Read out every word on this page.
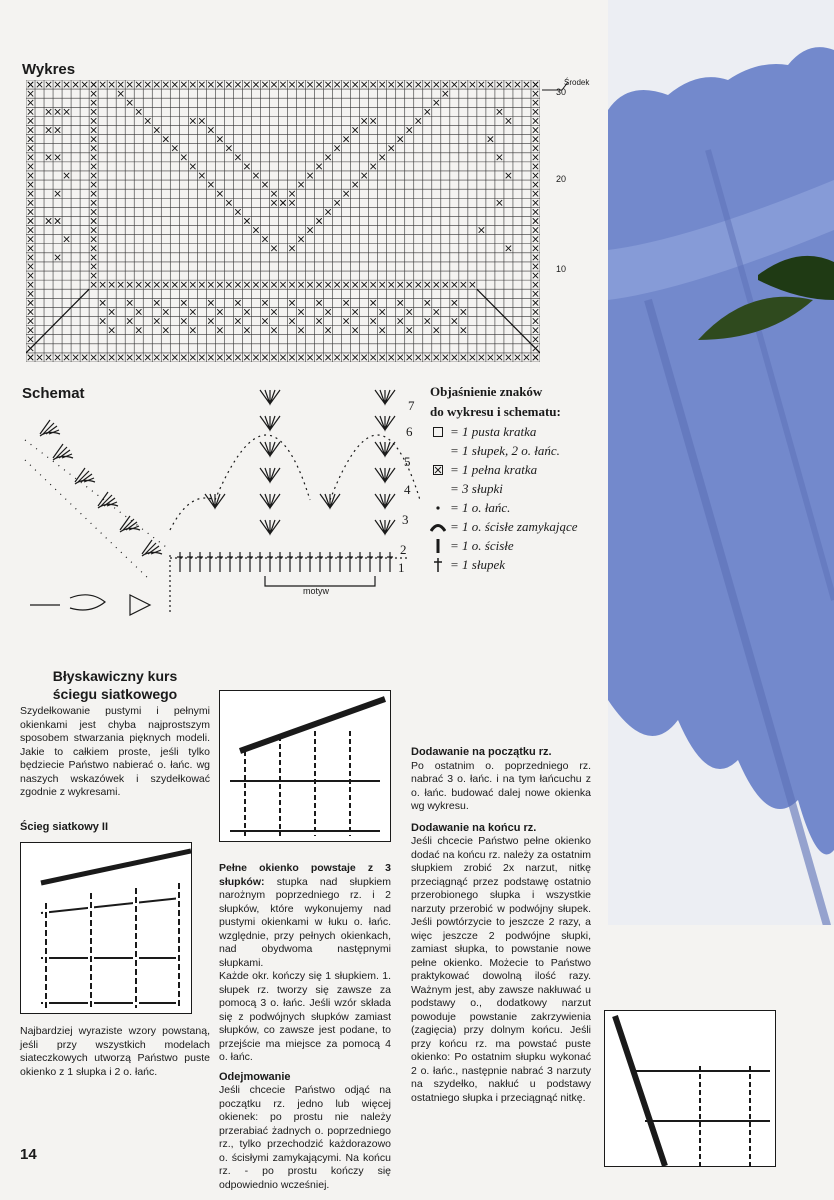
Wykres
Środek
30
20
10
Schemat
motyw
7
6
5
4
3
2
1
Objaśnienie znaków
do wykresu i schematu:
= 1 pusta kratka
= 1 słupek, 2 o. łańc.
= 1 pełna kratka
= 3 słupki
= 1 o. łańc.
= 1 o. ścisłe zamykające
= 1 o. ścisłe
= 1 słupek
Błyskawiczny kurs
ściegu siatkowego

Szydełkowanie pustymi i pełnymi okienkami jest chyba najprostszym sposobem stwarzania pięknych modeli. Jakie to całkiem proste, jeśli tylko będziecie Państwo nabierać o. łańc. wg naszych wskazówek i szydełkować zgodnie z wykresami.

Ścieg siatkowy II

Najbardziej wyraziste wzory powstaną, jeśli przy wszystkich modelach siateczkowych utworzą Państwo puste okienko z 1 słupka i 2 o. łańc.

Pełne okienko powstaje z 3 słupków: stupka nad słupkiem narożnym poprzedniego rz. i 2 słupków, które wykonujemy nad pustymi okienkami w łuku o. łańc. względnie, przy pełnych okienkach, nad obydwoma następnymi słupkami.

Każde okr. kończy się 1 słupkiem. 1. słupek rz. tworzy się zawsze za pomocą 3 o. łańc. Jeśli wzór składa się z podwójnych słupków zamiast słupków, co zawsze jest podane, to przejście ma miejsce za pomocą 4 o. łańc.

Odejmowanie

Jeśli chcecie Państwo odjąć na początku rz. jedno lub więcej okienek: po prostu nie należy przerabiać żadnych o. poprzedniego rz., tylko przechodzić każdorazowo o. ścisłymi zamykającymi. Na końcu rz. - po prostu kończy się odpowiednio wcześniej.

Dodawanie na początku rz.

Po ostatnim o. poprzedniego rz. nabrać 3 o. łańc. i na tym łańcuchu z o. łańc. budować dalej nowe okienka wg wykresu.

Dodawanie na końcu rz.

Jeśli chcecie Państwo pełne okienko dodać na końcu rz. należy za ostatnim słupkiem zrobić 2x narzut, nitkę przeciągnąć przez podstawę ostatnio przerobionego słupka i wszystkie narzuty przerobić w podwójny słupek. Jeśli powtórzycie to jeszcze 2 razy, a więc jeszcze 2 podwójne słupki, zamiast słupka, to powstanie nowe pełne okienko. Możecie to Państwo praktykować dowolną ilość razy. Ważnym jest, aby zawsze nakłuwać u podstawy o., dodatkowy narzut powoduje powstanie zakrzywienia (zagięcia) przy dolnym końcu. Jeśli przy końcu rz. ma powstać puste okienko: Po ostatnim słupku wykonać 2 o. łańc., następnie nabrać 3 narzuty na szydełko, nakłuć u podstawy ostatniego słupka i przeciągnąć nitkę.

14
